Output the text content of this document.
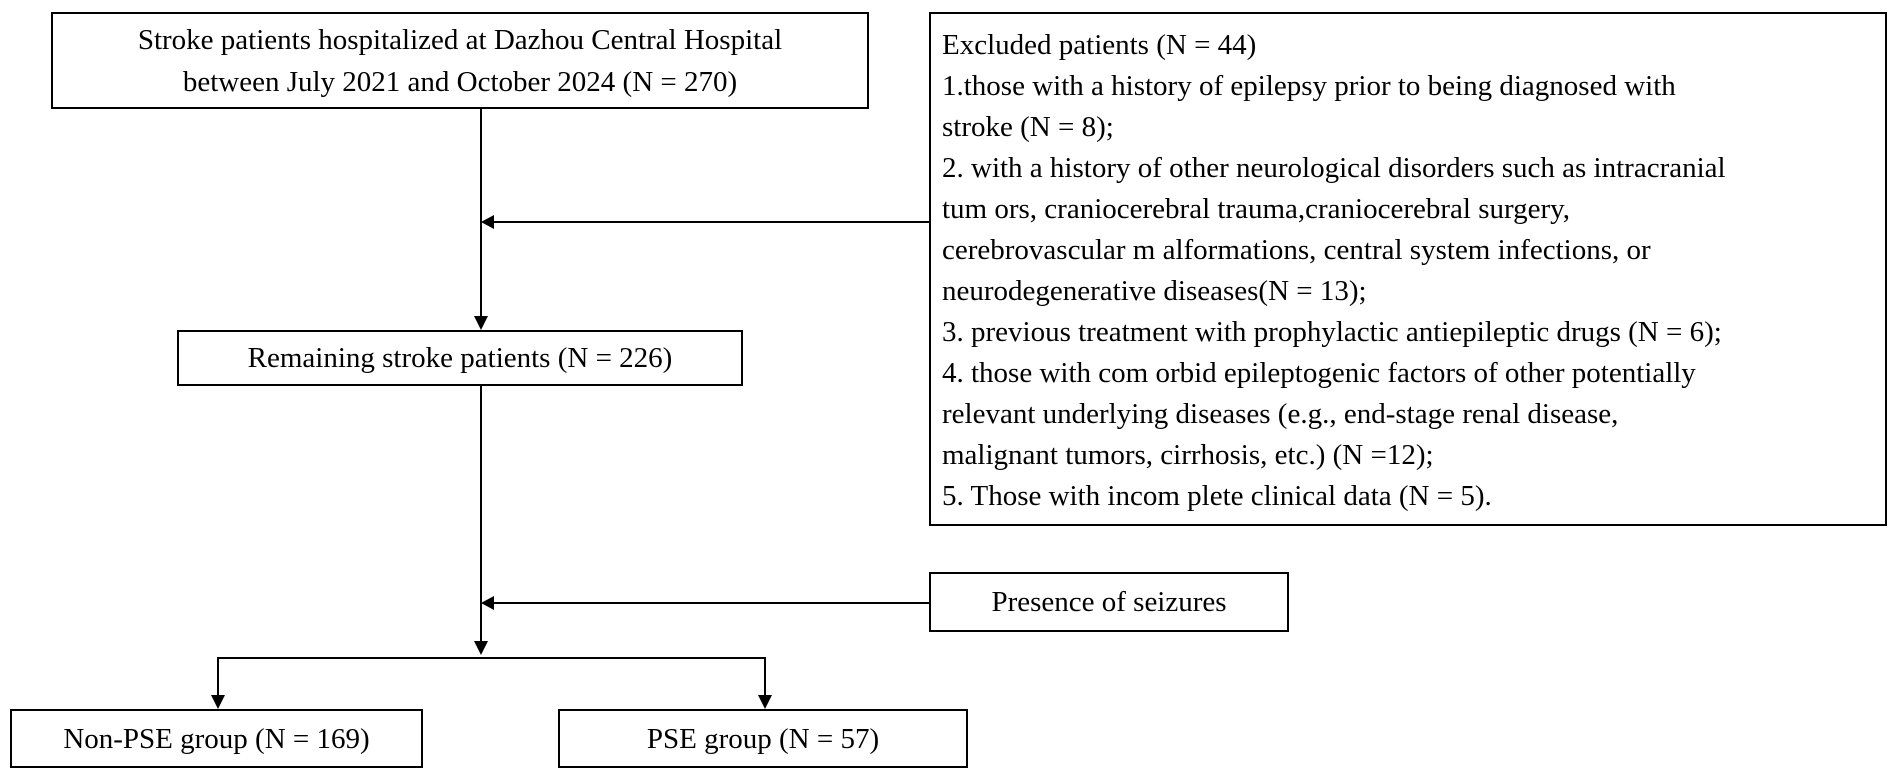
Stroke patients hospitalized at Dazhou Central Hospital
between July 2021 and October 2024 (N = 270)
Excluded patients (N = 44)
1.those with a history of epilepsy prior to being diagnosed with
stroke (N = 8);
2. with a history of other neurological disorders such as intracranial
tum ors, craniocerebral trauma,craniocerebral surgery,
cerebrovascular m alformations, central system infections, or
neurodegenerative diseases(N = 13);
3. previous treatment with prophylactic antiepileptic drugs (N = 6);
4. those with com orbid epileptogenic factors of other potentially
relevant underlying diseases (e.g., end-stage renal disease,
malignant tumors, cirrhosis, etc.) (N =12);
5. Those with incom plete clinical data (N = 5).
Remaining stroke patients (N = 226)
Presence of seizures
Non-PSE group (N = 169)	PSE group (N = 57)
